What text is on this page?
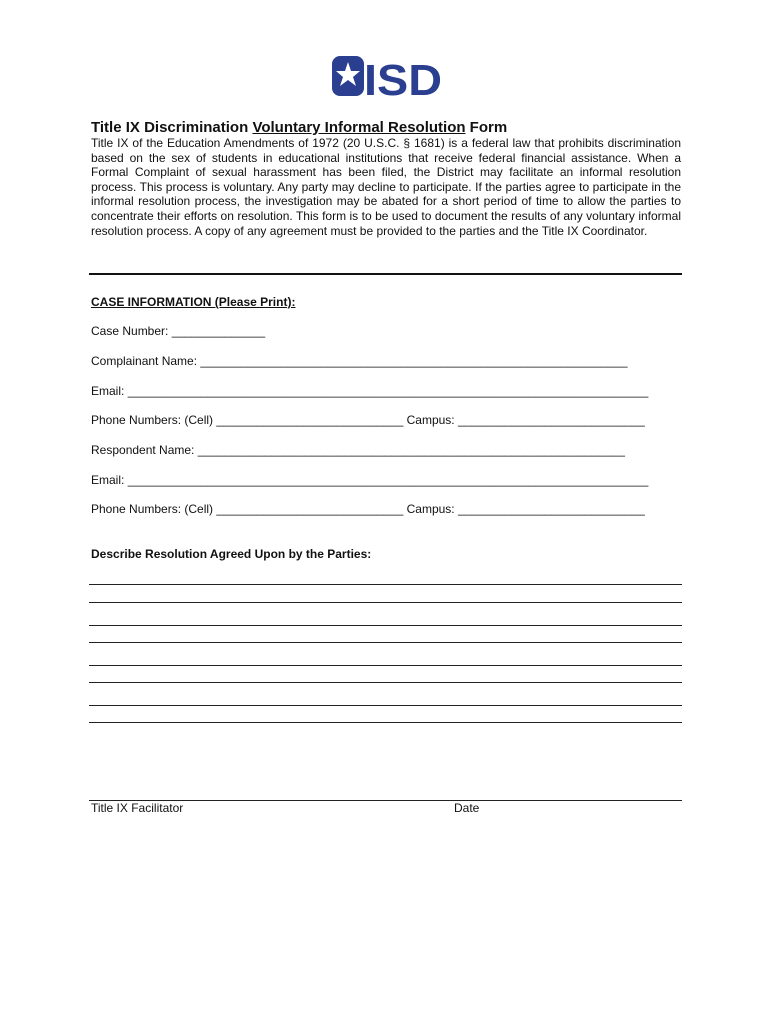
ISD
Title IX Discrimination Voluntary Informal Resolution Form

Title IX of the Education Amendments of 1972 (20 U.S.C. § 1681) is a federal law that prohibits discrimination based on the sex of students in educational institutions that receive federal financial assistance. When a Formal Complaint of sexual harassment has been filed, the District may facilitate an informal resolution process. This process is voluntary. Any party may decline to participate. If the parties agree to participate in the informal resolution process, the investigation may be abated for a short period of time to allow the parties to concentrate their efforts on resolution. This form is to be used to document the results of any voluntary informal resolution process. A copy of any agreement must be provided to the parties and the Title IX Coordinator.

CASE INFORMATION (Please Print):
Case Number: ______________
Complainant Name: ________________________________________________________________
Email: ______________________________________________________________________________
Phone Numbers: (Cell) ____________________________ Campus: ____________________________
Respondent Name: ________________________________________________________________
Email: ______________________________________________________________________________
Phone Numbers: (Cell) ____________________________ Campus: ____________________________
Describe Resolution Agreed Upon by the Parties:
Title IX Facilitator	Date
